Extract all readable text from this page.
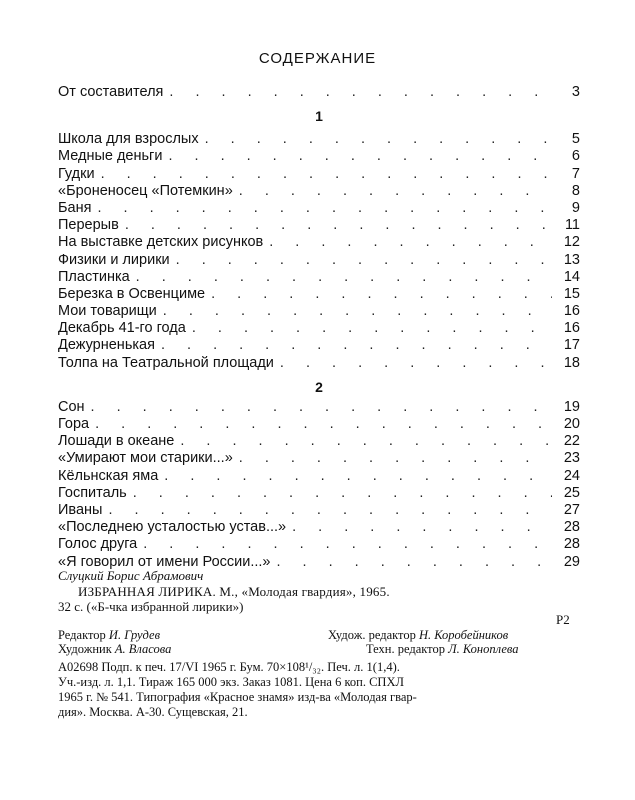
СОДЕРЖАНИЕ
От составителя . . .	3
1
Школа для взрослых . . .	5
Медные деньги . . .	6
Гудки . . .	7
«Броненосец «Потемкин» . . .	8
Баня . . .	9
Перерыв . . .	11
На выставке детских рисунков . . .	12
Физики и лирики . . .	13
Пластинка . . .	14
Березка в Освенциме . . .	15
Мои товарищи . . .	16
Декабрь 41-го года . . .	16
Дежурненькая . . .	17
Толпа на Театральной площади . . .	18
2
Сон . . .	19
Гора . . .	20
Лошади в океане . . .	22
«Умирают мои старики...» . . .	23
Кёльнская яма . . .	24
Госпиталь . . .	25
Иваны . . .	27
«Последнею усталостью устав...» . . .	28
Голос друга . . .	28
«Я говорил от имени России...» . . .	29
Слуцкий Борис Абрамович
ИЗБРАННАЯ ЛИРИКА. М., «Молодая гвардия», 1965.
32 с. («Б-чка избранной лирики»)
Р2
Редактор И. Грудев	Худож. редактор Н. Коробейников
Художник А. Власова	Техн. редактор Л. Коноплева
А02698 Подп. к печ. 17/VI 1965 г. Бум. 70×108¹/₃₂. Печ. л. 1(1,4).
Уч.-изд. л. 1,1. Тираж 165 000 экз. Заказ 1081. Цена 6 коп. СПХЛ
1965 г. № 541. Типография «Красное знамя» изд-ва «Молодая гвар-
дия». Москва. А-30. Сущевская, 21.
